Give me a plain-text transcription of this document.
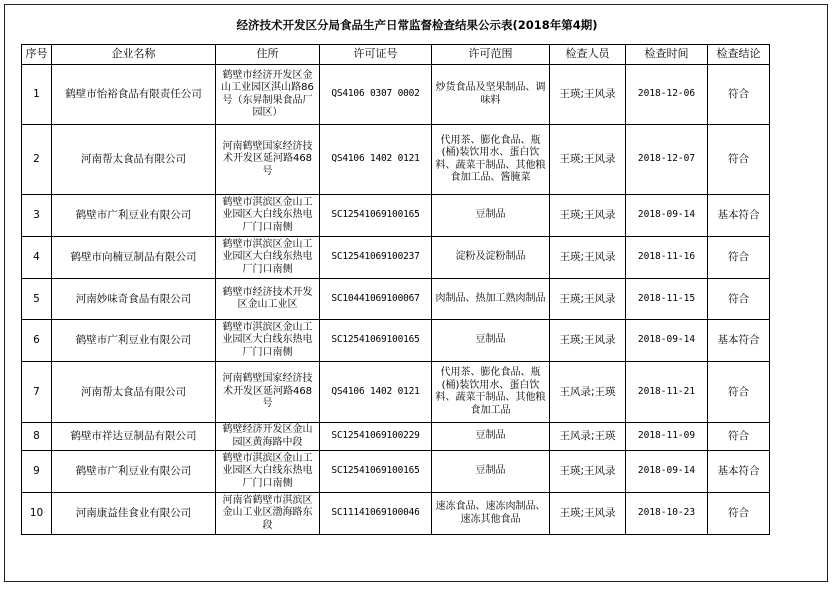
经济技术开发区分局食品生产日常监督检查结果公示表(2018年第4期)
序号	企业名称	住所	许可证号	许可范围	检查人员	检查时间	检查结论
1	鹤壁市怡裕食品有限责任公司	鹤壁市经济开发区金山工业园区淇山路86号（东昇制果食品厂园区）	QS4106 0307 0002	炒货食品及坚果制品、调味料	王瑛;王风录	2018-12-06	符合
2	河南帮太食品有限公司	河南鹤壁国家经济技术开发区延河路468号	QS4106 1402 0121	代用茶、膨化食品、瓶(桶)装饮用水、蛋白饮料、蔬菜干制品、其他粮食加工品、酱腌菜	王瑛;王风录	2018-12-07	符合
3	鹤壁市广利豆业有限公司	鹤壁市淇滨区金山工业园区大白线东热电厂门口南侧	SC12541069100165	豆制品	王瑛;王风录	2018-09-14	基本符合
4	鹤壁市向楠豆制品有限公司	鹤壁市淇滨区金山工业园区大白线东热电厂门口南侧	SC12541069100237	淀粉及淀粉制品	王瑛;王风录	2018-11-16	符合
5	河南妙味奇食品有限公司	鹤壁市经济技术开发区金山工业区	SC10441069100067	肉制品、热加工熟肉制品	王瑛;王风录	2018-11-15	符合
6	鹤壁市广利豆业有限公司	鹤壁市淇滨区金山工业园区大白线东热电厂门口南侧	SC12541069100165	豆制品	王瑛;王风录	2018-09-14	基本符合
7	河南帮太食品有限公司	河南鹤壁国家经济技术开发区延河路468号	QS4106 1402 0121	代用茶、膨化食品、瓶(桶)装饮用水、蛋白饮料、蔬菜干制品、其他粮食加工品	王风录;王瑛	2018-11-21	符合
8	鹤壁市祥达豆制品有限公司	鹤壁经济开发区金山园区黄海路中段	SC12541069100229	豆制品	王风录;王瑛	2018-11-09	符合
9	鹤壁市广利豆业有限公司	鹤壁市淇滨区金山工业园区大白线东热电厂门口南侧	SC12541069100165	豆制品	王瑛;王风录	2018-09-14	基本符合
10	河南康益佳食业有限公司	河南省鹤壁市淇滨区金山工业区渤海路东段	SC11141069100046	速冻食品、速冻肉制品、速冻其他食品	王瑛;王风录	2018-10-23	符合
